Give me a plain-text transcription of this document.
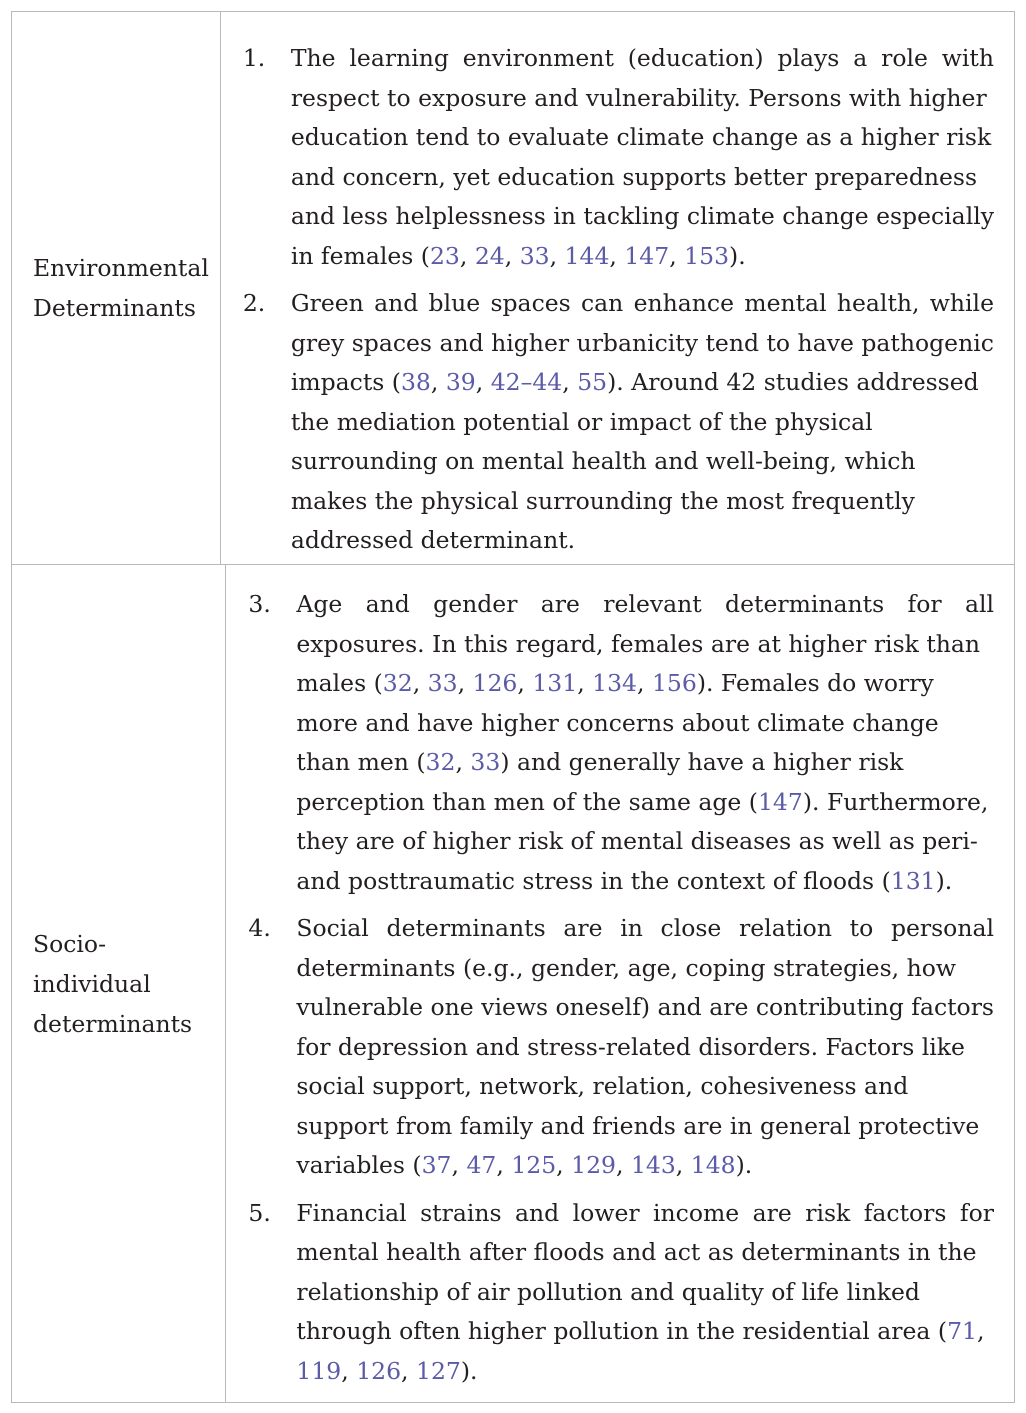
Environmental
Determinants
1.	The learning environment (education) plays a role with
respect to exposure and vulnerability. Persons with higher
education tend to evaluate climate change as a higher risk
and concern, yet education supports better preparedness
and less helplessness in tackling climate change especially
in females (23, 24, 33, 144, 147, 153).
2.	Green and blue spaces can enhance mental health, while
grey spaces and higher urbanicity tend to have pathogenic
impacts (38, 39, 42–44, 55). Around 42 studies addressed
the mediation potential or impact of the physical
surrounding on mental health and well-being, which
makes the physical surrounding the most frequently
addressed determinant.
Socio-
individual
determinants
3.	Age and gender are relevant determinants for all
exposures. In this regard, females are at higher risk than
males (32, 33, 126, 131, 134, 156). Females do worry
more and have higher concerns about climate change
than men (32, 33) and generally have a higher risk
perception than men of the same age (147). Furthermore,
they are of higher risk of mental diseases as well as peri-
and posttraumatic stress in the context of floods (131).
4.	Social determinants are in close relation to personal
determinants (e.g., gender, age, coping strategies, how
vulnerable one views oneself) and are contributing factors
for depression and stress-related disorders. Factors like
social support, network, relation, cohesiveness and
support from family and friends are in general protective
variables (37, 47, 125, 129, 143, 148).
5.	Financial strains and lower income are risk factors for
mental health after floods and act as determinants in the
relationship of air pollution and quality of life linked
through often higher pollution in the residential area (71,
119, 126, 127).
